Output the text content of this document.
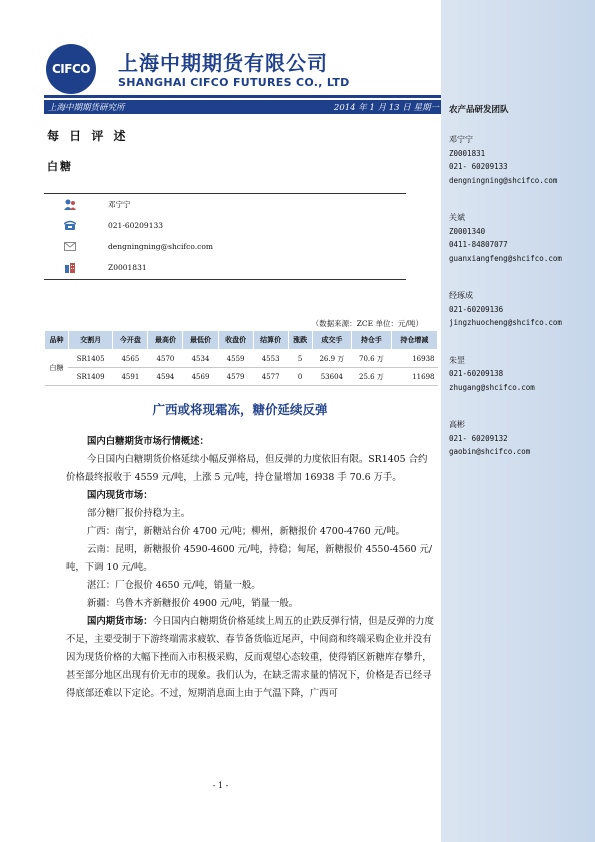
CIFCO 上海中期期货有限公司
SHANGHAI CIFCO FUTURES CO., LTD
上海中期期货研究所	2014 年 1 月 13 日 星期一
每 日 评 述
白糖
邓宁宁
021-60209133
dengningning@shcifco.com
Z0001831
（数据来源：ZCE 单位：元/吨）
品种	交割月	今开盘	最高价	最低价	收盘价	结算价	涨跌	成交手	持仓手	持仓增减
白糖	SR1405	4565	4570	4534	4559	4553	5	26.9 万	70.6 万	16938
	SR1409	4591	4594	4569	4579	4577	0	53604	25.6 万	11698
广西或将现霜冻，糖价延续反弹

国内白糖期货市场行情概述：

今日国内白糖期货价格延续小幅反弹格局，但反弹的力度依旧有限。SR1405 合约价格最终报收于 4559 元/吨，上涨 5 元/吨，持仓量增加 16938 手 70.6 万手。

国内现货市场：

部分糖厂报价持稳为主。

广西：南宁，新糖站台价 4700 元/吨；柳州，新糖报价 4700-4760 元/吨。

云南：昆明，新糖报价 4590-4600 元/吨，持稳；甸尾，新糖报价 4550-4560 元/吨，下调 10 元/吨。

湛江：厂仓报价 4650 元/吨，销量一般。

新疆：乌鲁木齐新糖报价 4900 元/吨，销量一般。

国内期货市场：今日国内白糖期货价格延续上周五的止跌反弹行情，但是反弹的力度不足，主要受制于下游终端需求疲软、春节备货临近尾声，中间商和终端采购企业并没有因为现货价格的大幅下挫而入市积极采购，反而观望心态较重，使得销区新糖库存攀升，甚至部分地区出现有价无市的现象。我们认为，在缺乏需求量的情况下，价格是否已经寻得底部还难以下定论。不过，短期消息面上由于气温下降，广西可

- 1 -
农产品研发团队
邓宁宁
Z0001831
021- 60209133
dengningning@shcifco.com
关斌
Z0001340
0411-84807077
guanxiangfeng@shcifco.com
经琢成
021-60209136
jingzhuocheng@shcifco.com
朱罡
021-60209138
zhugang@shcifco.com
高彬
021- 60209132
gaobin@shcifco.com
